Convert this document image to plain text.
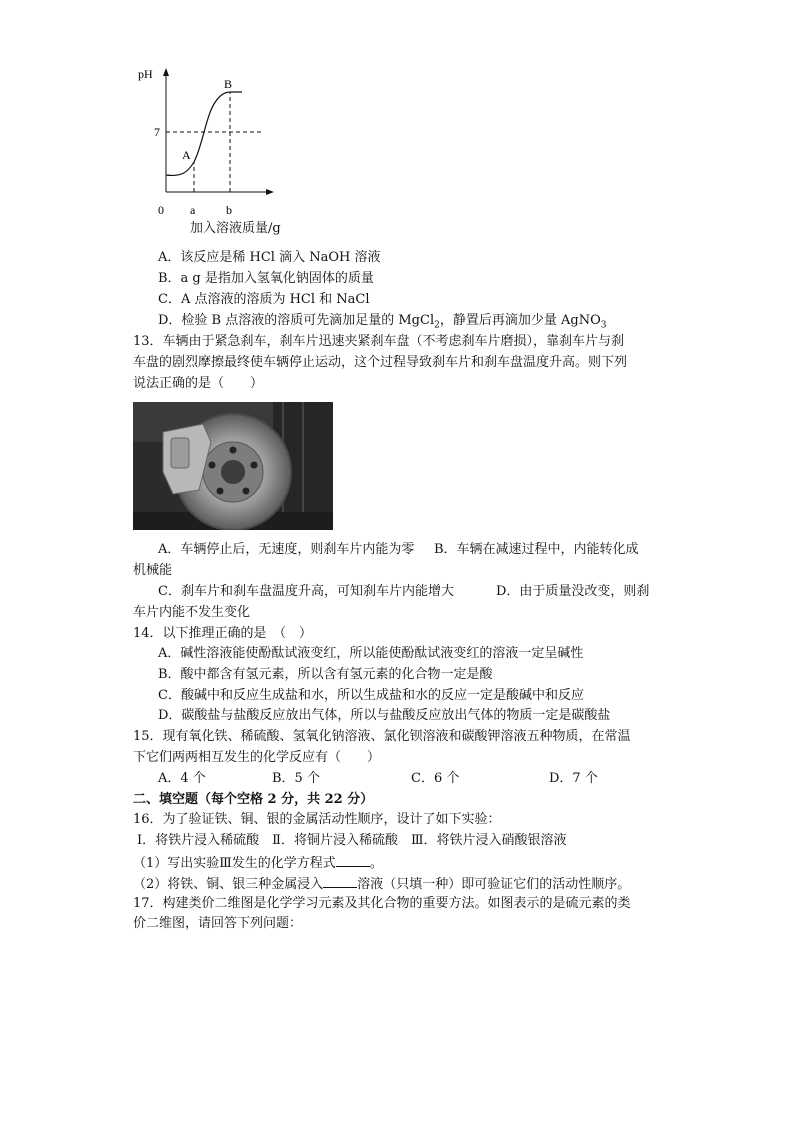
pH
7
A
B
0 a	b
加入溶液质量/g
A．该反应是稀 HCl 滴入 NaOH 溶液
B．a g 是指加入氢氧化钠固体的质量
C．A 点溶液的溶质为 HCl 和 NaCl
D．检验 B 点溶液的溶质可先滴加足量的 MgCl$_2$，静置后再滴加少量 AgNO$_3$
13．车辆由于紧急刹车，刹车片迅速夹紧刹车盘（不考虑刹车片磨损），靠刹车片与刹
车盘的剧烈摩擦最终使车辆停止运动，这个过程导致刹车片和刹车盘温度升高。则下列
说法正确的是（　　）
A．车辆停止后，无速度，则刹车片内能为零 B．车辆在减速过程中，内能转化成
机械能
C．刹车片和刹车盘温度升高，可知刹车片内能增大	D．由于质量没改变，则刹
车片内能不发生变化
14．以下推理正确的是　（　）
A．碱性溶液能使酚酞试液变红，所以能使酚酞试液变红的溶液一定呈碱性
B．酸中都含有氢元素，所以含有氢元素的化合物一定是酸
C．酸碱中和反应生成盐和水，所以生成盐和水的反应一定是酸碱中和反应
D．碳酸盐与盐酸反应放出气体，所以与盐酸反应放出气体的物质一定是碳酸盐
15．现有氧化铁、稀硫酸、氢氧化钠溶液、氯化钡溶液和碳酸钾溶液五种物质，在常温
下它们两两相互发生的化学反应有（　　）
A．4 个	B．5 个	C．6 个	D．7 个
二、填空题（每个空格 2 分，共 22 分）
16．为了验证铁、铜、银的金属活动性顺序，设计了如下实验：
Ⅰ．将铁片浸入稀硫酸　Ⅱ．将铜片浸入稀硫酸　Ⅲ．将铁片浸入硝酸银溶液
（1）写出实验Ⅲ发生的化学方程式	。
（2）将铁、铜、银三种金属浸入	溶液（只填一种）即可验证它们的活动性顺序。
17．构建类价二维图是化学学习元素及其化合物的重要方法。如图表示的是硫元素的类
价二维图，请回答下列问题：
